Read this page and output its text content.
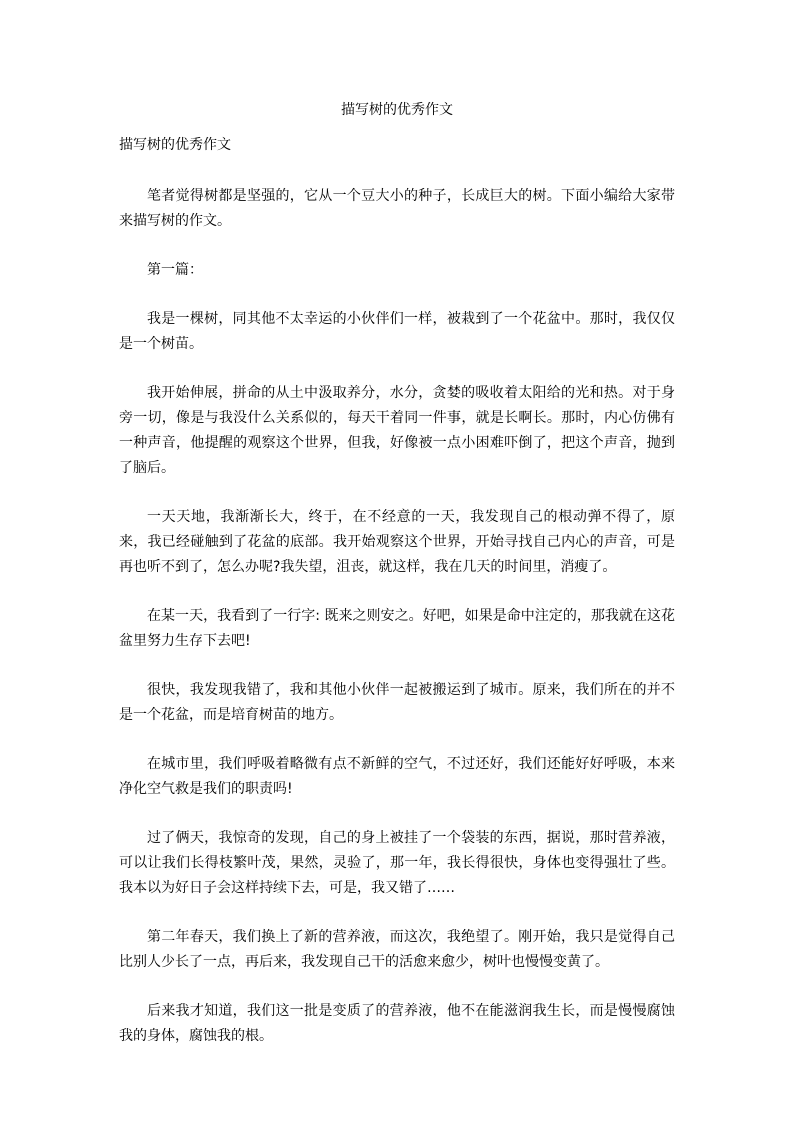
描写树的优秀作文

描写树的优秀作文

笔者觉得树都是坚强的，它从一个豆大小的种子，长成巨大的树。下面小编给大家带来描写树的作文。

第一篇：

我是一棵树，同其他不太幸运的小伙伴们一样，被栽到了一个花盆中。那时，我仅仅是一个树苗。

我开始伸展，拼命的从土中汲取养分，水分，贪婪的吸收着太阳给的光和热。对于身旁一切，像是与我没什么关系似的，每天干着同一件事，就是长啊长。那时，内心仿佛有一种声音，他提醒的观察这个世界，但我，好像被一点小困难吓倒了，把这个声音，抛到了脑后。

一天天地，我渐渐长大，终于，在不经意的一天，我发现自己的根动弹不得了，原来，我已经碰触到了花盆的底部。我开始观察这个世界，开始寻找自己内心的声音，可是再也听不到了，怎么办呢?我失望，沮丧，就这样，我在几天的时间里，消瘦了。

在某一天，我看到了一行字: 既来之则安之。好吧，如果是命中注定的，那我就在这花盆里努力生存下去吧!

很快，我发现我错了，我和其他小伙伴一起被搬运到了城市。原来，我们所在的并不是一个花盆，而是培育树苗的地方。

在城市里，我们呼吸着略微有点不新鲜的空气，不过还好，我们还能好好呼吸，本来净化空气救是我们的职责吗!

过了俩天，我惊奇的发现，自己的身上被挂了一个袋装的东西，据说，那时营养液，可以让我们长得枝繁叶茂，果然，灵验了，那一年，我长得很快，身体也变得强壮了些。我本以为好日子会这样持续下去，可是，我又错了……

第二年春天，我们换上了新的营养液，而这次，我绝望了。刚开始，我只是觉得自己比别人少长了一点，再后来，我发现自己干的活愈来愈少，树叶也慢慢变黄了。

后来我才知道，我们这一批是变质了的营养液，他不在能滋润我生长，而是慢慢腐蚀我的身体，腐蚀我的根。
